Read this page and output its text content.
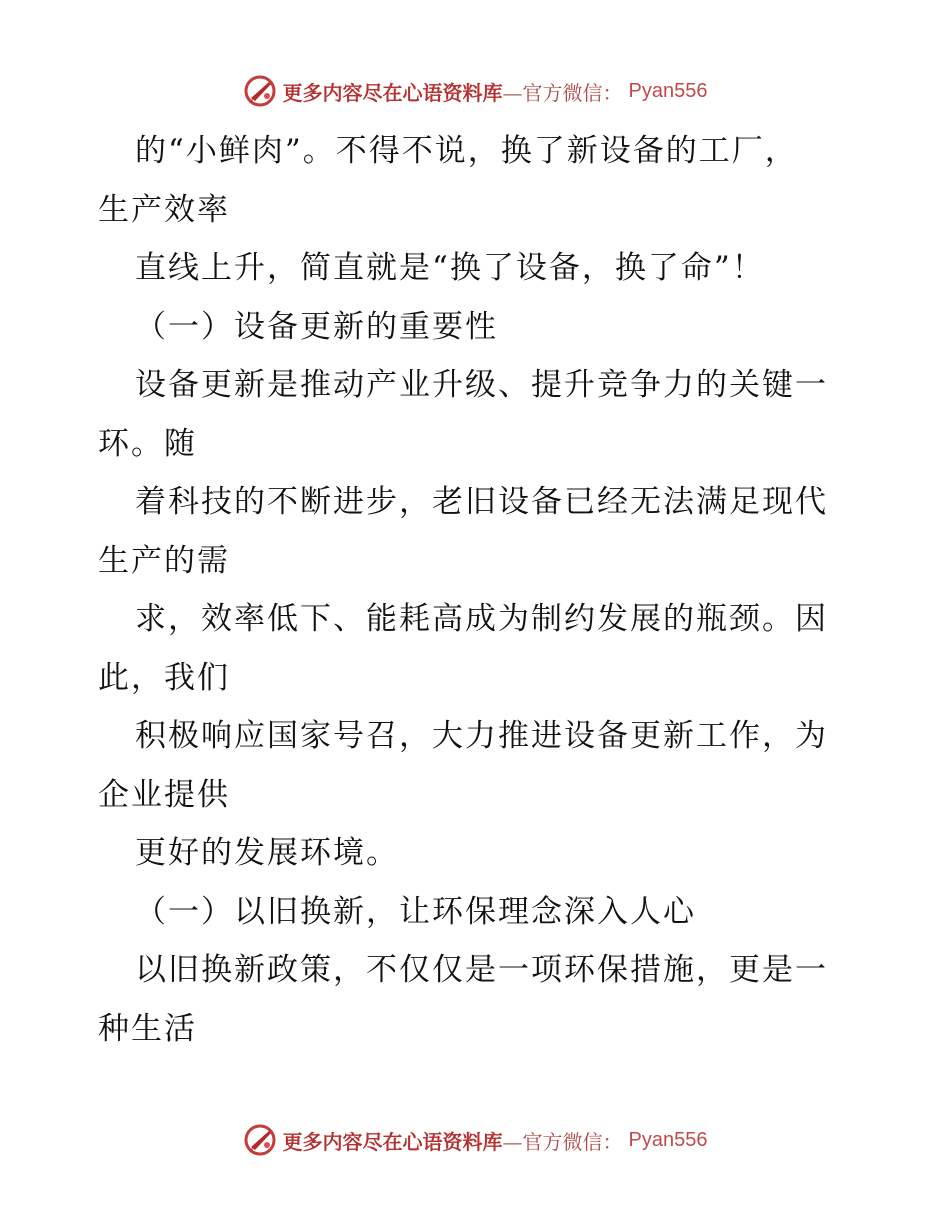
更多内容尽在心语资料库—官方微信： Pyan556

的“小鲜肉”。不得不说，换了新设备的工厂，
生产效率

直线上升，简直就是“换了设备，换了命”！

（一）设备更新的重要性

设备更新是推动产业升级、提升竞争力的关键一
环。随

着科技的不断进步，老旧设备已经无法满足现代
生产的需

求，效率低下、能耗高成为制约发展的瓶颈。因
此，我们

积极响应国家号召，大力推进设备更新工作，为
企业提供

更好的发展环境。

（一）以旧换新，让环保理念深入人心

以旧换新政策，不仅仅是一项环保措施，更是一
种生活

更多内容尽在心语资料库—官方微信： Pyan556
